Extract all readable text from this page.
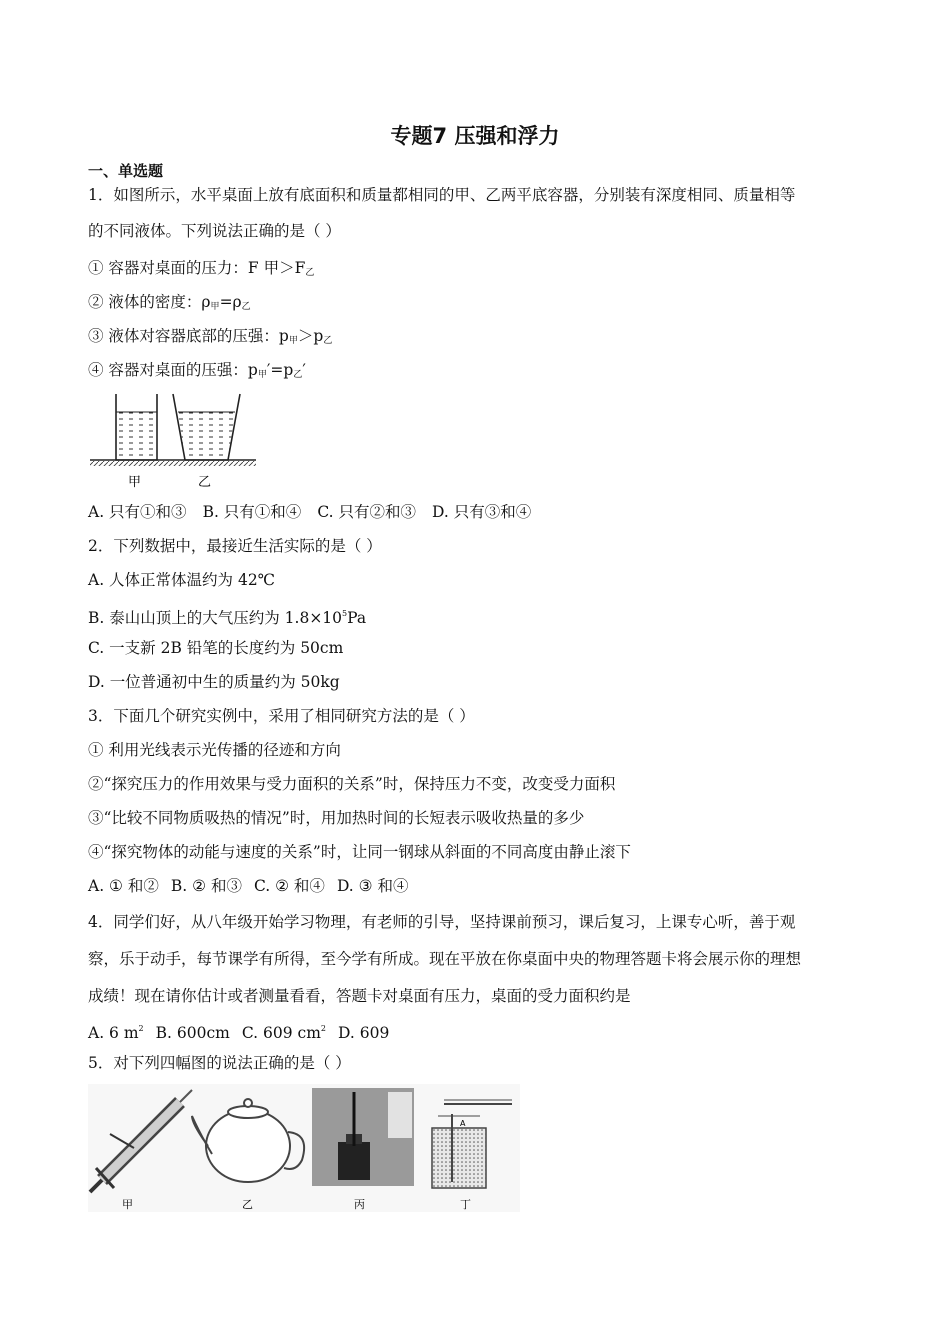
专题7 压强和浮力
一、单选题
1．如图所示，水平桌面上放有底面积和质量都相同的甲、乙两平底容器，分别装有深度相同、质量相等
的不同液体。下列说法正确的是（ ）
① 容器对桌面的压力：F 甲$>F_乙$
② 液体的密度：$\rho_甲=\rho_乙$
③ 液体对容器底部的压强：$p_甲>p_乙$
④ 容器对桌面的压强：$p_甲'=p_乙'$
甲	乙
A. 只有①和③ B. 只有①和④ C. 只有②和③ D. 只有③和④
2．下列数据中，最接近生活实际的是（ ）
A. 人体正常体温约为 42℃
B. 泰山山顶上的大气压约为 $1.8\times 10^5Pa$
C. 一支新 2B 铅笔的长度约为 50cm
D. 一位普通初中生的质量约为 50kg
3．下面几个研究实例中，采用了相同研究方法的是（ ）
① 利用光线表示光传播的径迹和方向
②“探究压力的作用效果与受力面积的关系”时，保持压力不变，改变受力面积
③“比较不同物质吸热的情况”时，用加热时间的长短表示吸收热量的多少
④“探究物体的动能与速度的关系”时，让同一钢球从斜面的不同高度由静止滚下
A. ① 和② B. ② 和③ C. ② 和④ D. ③ 和④
4．同学们好，从八年级开始学习物理，有老师的引导，坚持课前预习，课后复习，上课专心听，善于观
察，乐于动手，每节课学有所得，至今学有所成。现在平放在你桌面中央的物理答题卡将会展示你的理想
成绩！现在请你估计或者测量看看，答题卡对桌面有压力，桌面的受力面积约是
A. 6 $m^2$ B. 600cm C. 609 $cm^2$ D. 609
5．对下列四幅图的说法正确的是（ ）
A
甲	乙	丙	丁
